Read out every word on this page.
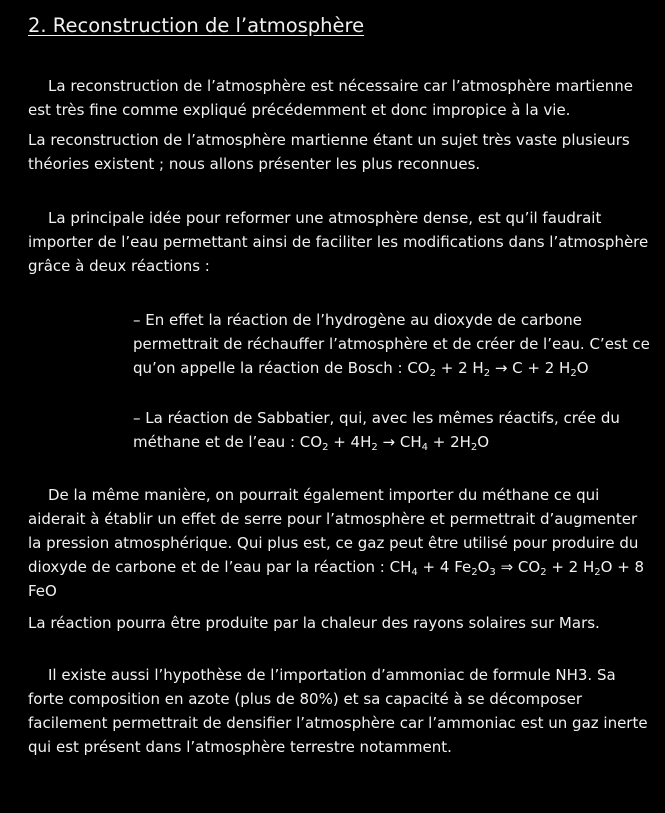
2. Reconstruction de l’atmosphère

La reconstruction de l’atmosphère est nécessaire car l’atmosphère martienne est très fine comme expliqué précédemment et donc impropice à la vie.

La reconstruction de l’atmosphère martienne étant un sujet très vaste plusieurs théories existent ; nous allons présenter les plus reconnues.

La principale idée pour reformer une atmosphère dense, est qu’il faudrait importer de l’eau permettant ainsi de faciliter les modifications dans l’atmosphère grâce à deux réactions :

– En effet la réaction de l’hydrogène au dioxyde de carbone permettrait de réchauffer l’atmosphère et de créer de l’eau. C’est ce qu’on appelle la réaction de Bosch : $CO_2 + 2$ $H_2 \to C + 2$ $H_2O$

– La réaction de Sabbatier, qui, avec les mêmes réactifs, crée du méthane et de l’eau : $CO_2 + 4H_2 \to CH_4 + 2H_2O$

De la même manière, on pourrait également importer du méthane ce qui aiderait à établir un effet de serre pour l’atmosphère et permettrait d’augmenter la pression atmosphérique. Qui plus est, ce gaz peut être utilisé pour produire du dioxyde de carbone et de l’eau par la réaction : $CH_4 + 4$ $Fe_2O_3$ ⇒ $CO_2 + 2$ $H_2O + 8$ FeO

La réaction pourra être produite par la chaleur des rayons solaires sur Mars.

Il existe aussi l’hypothèse de l’importation d’ammoniac de formule NH3. Sa forte composition en azote (plus de 80%) et sa capacité à se décomposer facilement permettrait de densifier l’atmosphère car l’ammoniac est un gaz inerte qui est présent dans l’atmosphère terrestre notamment.
